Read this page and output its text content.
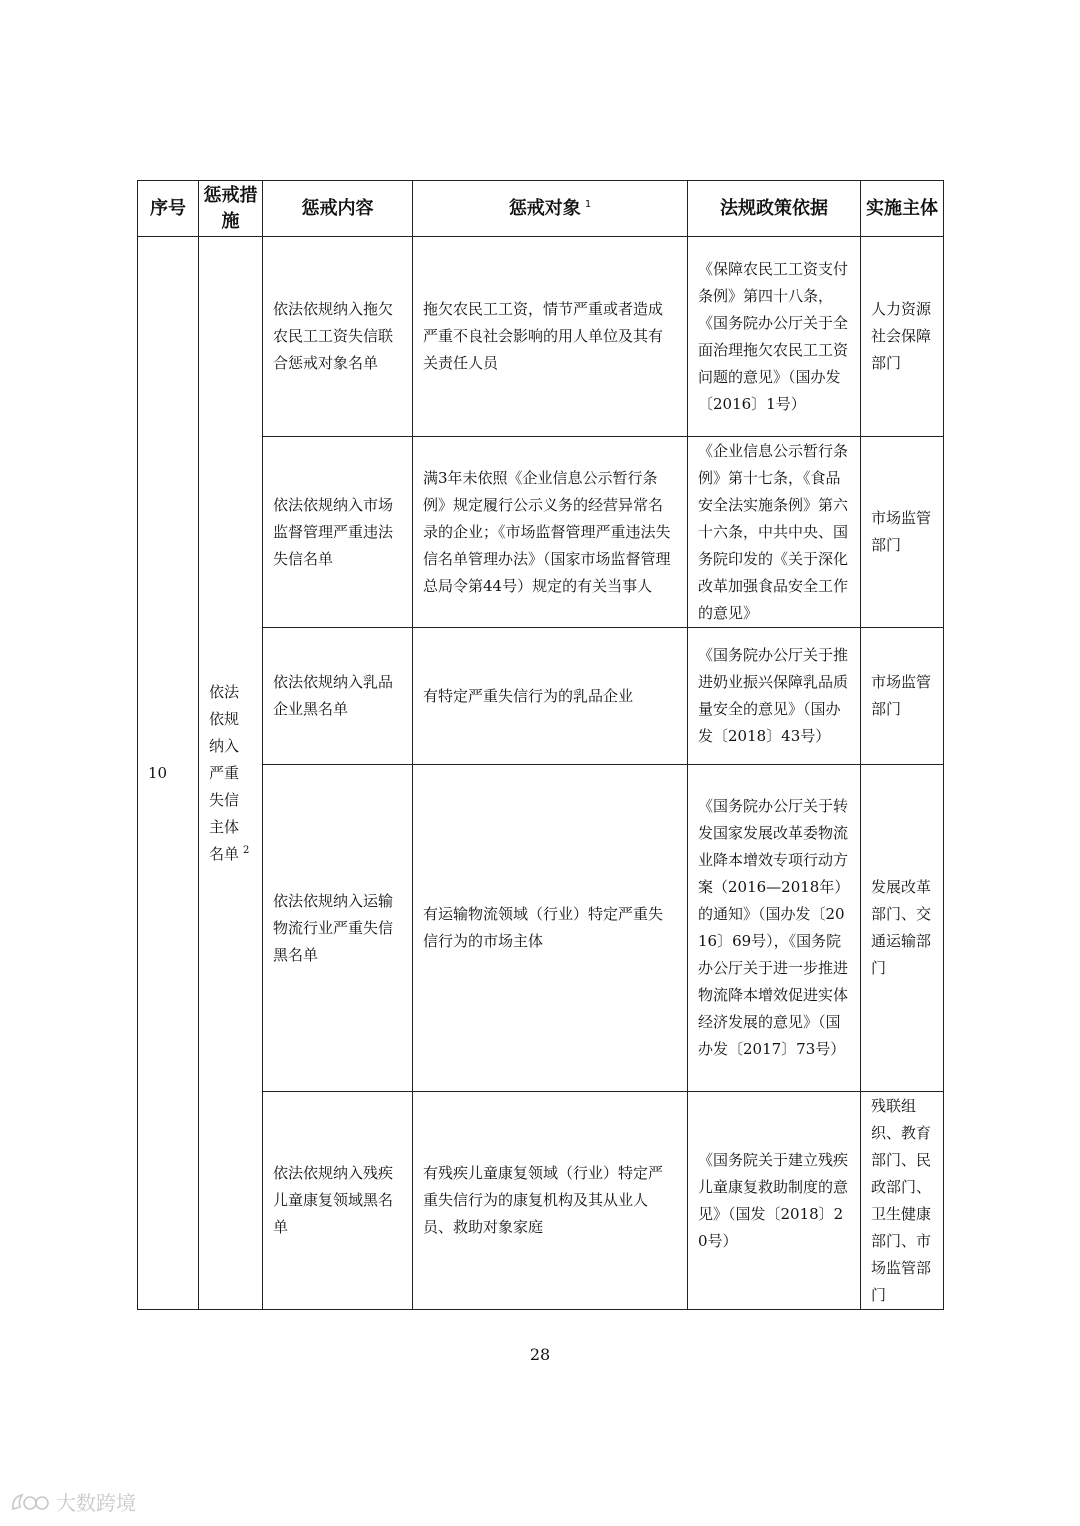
序号	惩戒措施	惩戒内容	惩戒对象 $^1$	法规政策依据	实施主体
10	依法依规纳入严重失信主体名单 $^2$	依法依规纳入拖欠农民工工资失信联合惩戒对象名单	拖欠农民工工资，情节严重或者造成严重不良社会影响的用人单位及其有关责任人员	《保障农民工工资支付条例》第四十八条，《国务院办公厅关于全面治理拖欠农民工工资问题的意见》（国办发〔2016〕1号）	人力资源社会保障部门
		依法依规纳入市场监督管理严重违法失信名单	满3年未依照《企业信息公示暂行条例》规定履行公示义务的经营异常名录的企业；《市场监督管理严重违法失信名单管理办法》（国家市场监督管理总局令第44号）规定的有关当事人	《企业信息公示暂行条例》第十七条，《食品安全法实施条例》第六十六条，中共中央、国务院印发的《关于深化改革加强食品安全工作的意见》	市场监管部门
		依法依规纳入乳品企业黑名单	有特定严重失信行为的乳品企业	《国务院办公厅关于推进奶业振兴保障乳品质量安全的意见》（国办发〔2018〕43号）	市场监管部门
		依法依规纳入运输物流行业严重失信黑名单	有运输物流领域（行业）特定严重失信行为的市场主体	《国务院办公厅关于转发国家发展改革委物流业降本增效专项行动方案（2016—2018年）的通知》（国办发〔2016〕69号），《国务院办公厅关于进一步推进物流降本增效促进实体经济发展的意见》（国办发〔2017〕73号）	发展改革部门、交通运输部门
		依法依规纳入残疾儿童康复领域黑名单	有残疾儿童康复领域（行业）特定严重失信行为的康复机构及其从业人员、救助对象家庭	《国务院关于建立残疾儿童康复救助制度的意见》（国发〔2018〕20号）	残联组织、教育部门、民政部门、卫生健康部门、市场监管部门
28
大数跨境
